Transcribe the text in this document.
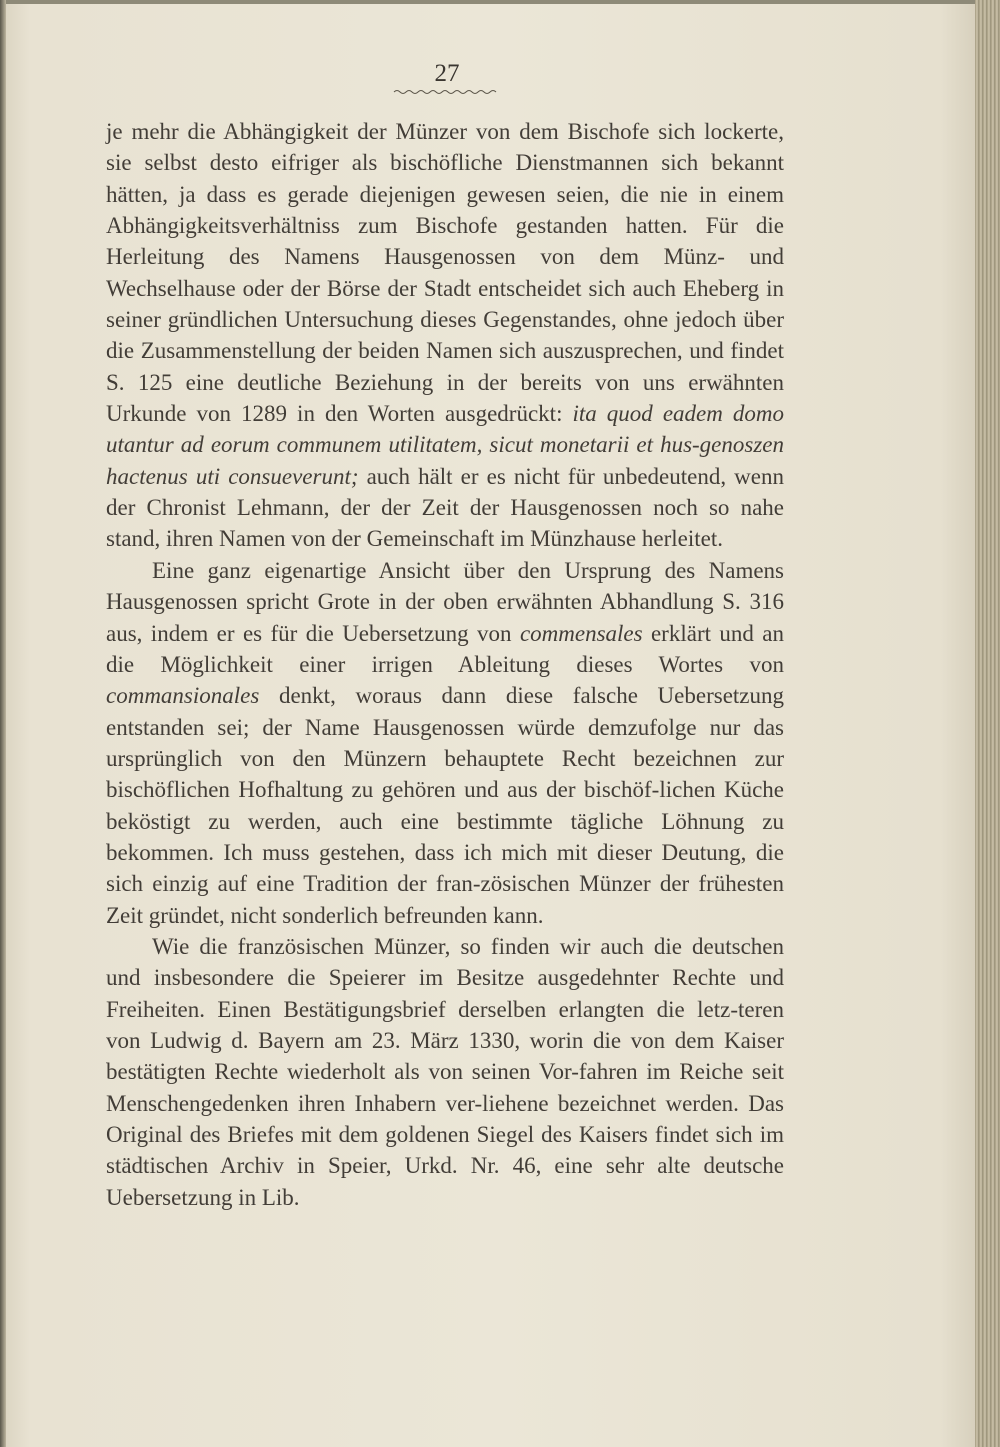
27

je mehr die Abhängigkeit der Münzer von dem Bischofe sich lockerte, sie selbst desto eifriger als bischöfliche Dienstmannen sich bekannt hätten, ja dass es gerade diejenigen gewesen seien, die nie in einem Abhängigkeitsverhältniss zum Bischofe gestanden hatten. Für die Herleitung des Namens Hausgenossen von dem Münz- und Wechselhause oder der Börse der Stadt entscheidet sich auch Eheberg in seiner gründlichen Untersuchung dieses Gegenstandes, ohne jedoch über die Zusammenstellung der beiden Namen sich auszusprechen, und findet S. 125 eine deutliche Beziehung in der bereits von uns erwähnten Urkunde von 1289 in den Worten ausgedrückt: ita quod eadem domo utantur ad eorum communem utilitatem, sicut monetarii et hus-genoszen hactenus uti consueverunt; auch hält er es nicht für unbedeutend, wenn der Chronist Lehmann, der der Zeit der Hausgenossen noch so nahe stand, ihren Namen von der Gemeinschaft im Münzhause herleitet.

Eine ganz eigenartige Ansicht über den Ursprung des Namens Hausgenossen spricht Grote in der oben erwähnten Abhandlung S. 316 aus, indem er es für die Uebersetzung von commensales erklärt und an die Möglichkeit einer irrigen Ableitung dieses Wortes von commansionales denkt, woraus dann diese falsche Uebersetzung entstanden sei; der Name Hausgenossen würde demzufolge nur das ursprünglich von den Münzern behauptete Recht bezeichnen zur bischöflichen Hofhaltung zu gehören und aus der bischöf-lichen Küche beköstigt zu werden, auch eine bestimmte tägliche Löhnung zu bekommen. Ich muss gestehen, dass ich mich mit dieser Deutung, die sich einzig auf eine Tradition der fran-zösischen Münzer der frühesten Zeit gründet, nicht sonderlich befreunden kann.

Wie die französischen Münzer, so finden wir auch die deutschen und insbesondere die Speierer im Besitze ausgedehnter Rechte und Freiheiten. Einen Bestätigungsbrief derselben erlangten die letz-teren von Ludwig d. Bayern am 23. März 1330, worin die von dem Kaiser bestätigten Rechte wiederholt als von seinen Vor-fahren im Reiche seit Menschengedenken ihren Inhabern ver-liehene bezeichnet werden. Das Original des Briefes mit dem goldenen Siegel des Kaisers findet sich im städtischen Archiv in Speier, Urkd. Nr. 46, eine sehr alte deutsche Uebersetzung in Lib.
